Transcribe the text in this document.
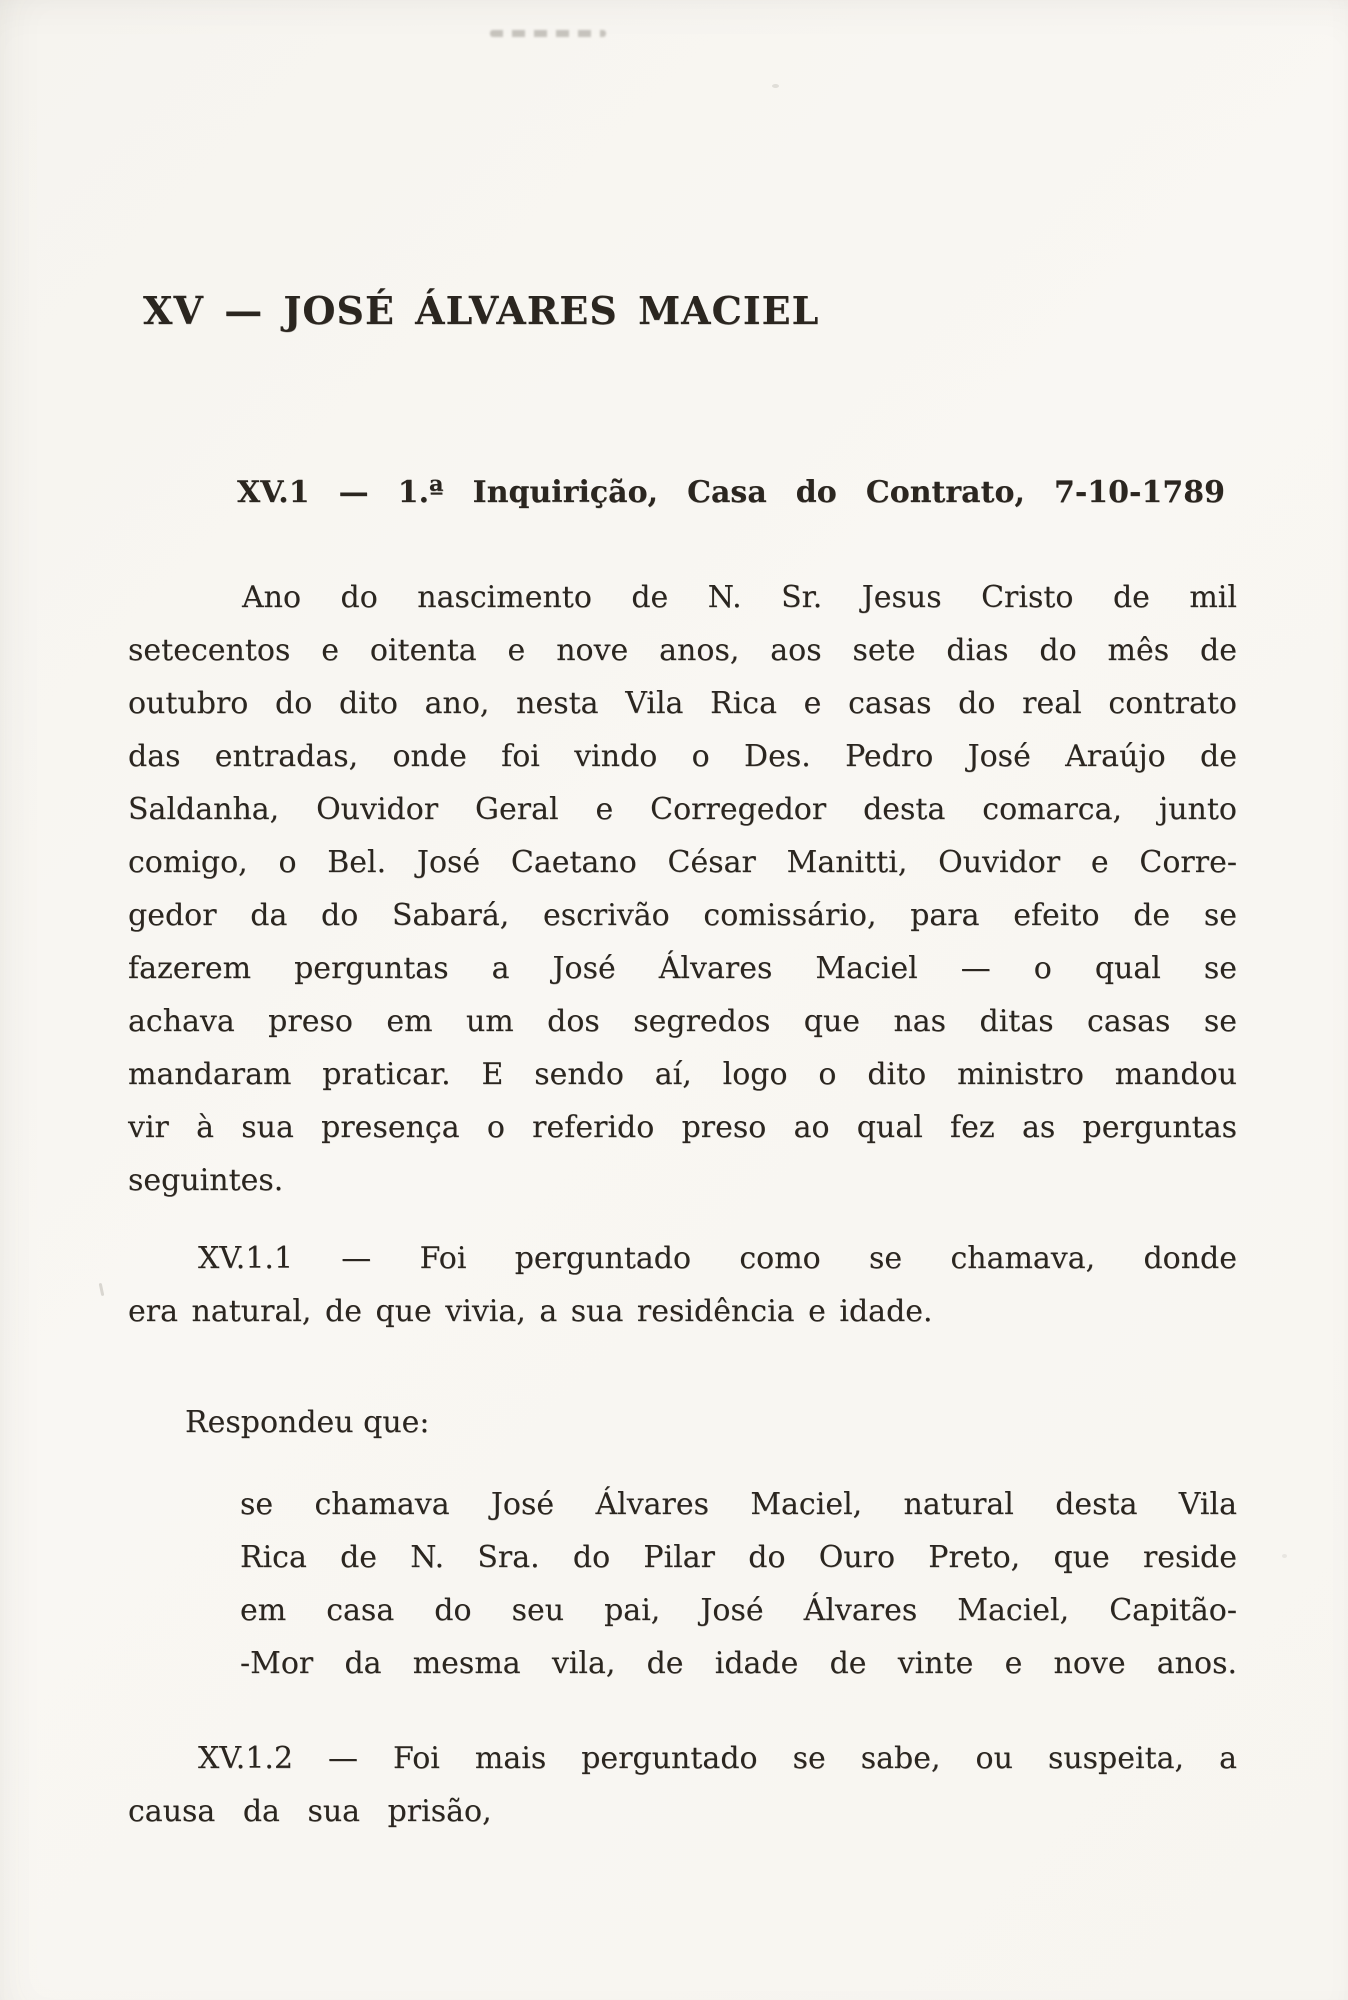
XV — JOSÉ ÁLVARES MACIEL
XV.1 — 1.ª Inquirição, Casa do Contrato, 7-10-1789
Ano do nascimento de N. Sr. Jesus Cristo de mil
setecentos e oitenta e nove anos, aos sete dias do mês de
outubro do dito ano, nesta Vila Rica e casas do real contrato
das entradas, onde foi vindo o Des. Pedro José Araújo de
Saldanha, Ouvidor Geral e Corregedor desta comarca, junto
comigo, o Bel. José Caetano César Manitti, Ouvidor e Corre-
gedor da do Sabará, escrivão comissário, para efeito de se
fazerem perguntas a José Álvares Maciel — o qual se
achava preso em um dos segredos que nas ditas casas se
mandaram praticar. E sendo aí, logo o dito ministro mandou
vir à sua presença o referido preso ao qual fez as perguntas
seguintes.
XV.1.1 — Foi perguntado como se chamava, donde
era natural, de que vivia, a sua residência e idade.
Respondeu que:
se chamava José Álvares Maciel, natural desta Vila
Rica de N. Sra. do Pilar do Ouro Preto, que reside
em casa do seu pai, José Álvares Maciel, Capitão-
-Mor da mesma vila, de idade de vinte e nove anos.
XV.1.2 — Foi mais perguntado se sabe, ou suspeita, a
causa da sua prisão,
